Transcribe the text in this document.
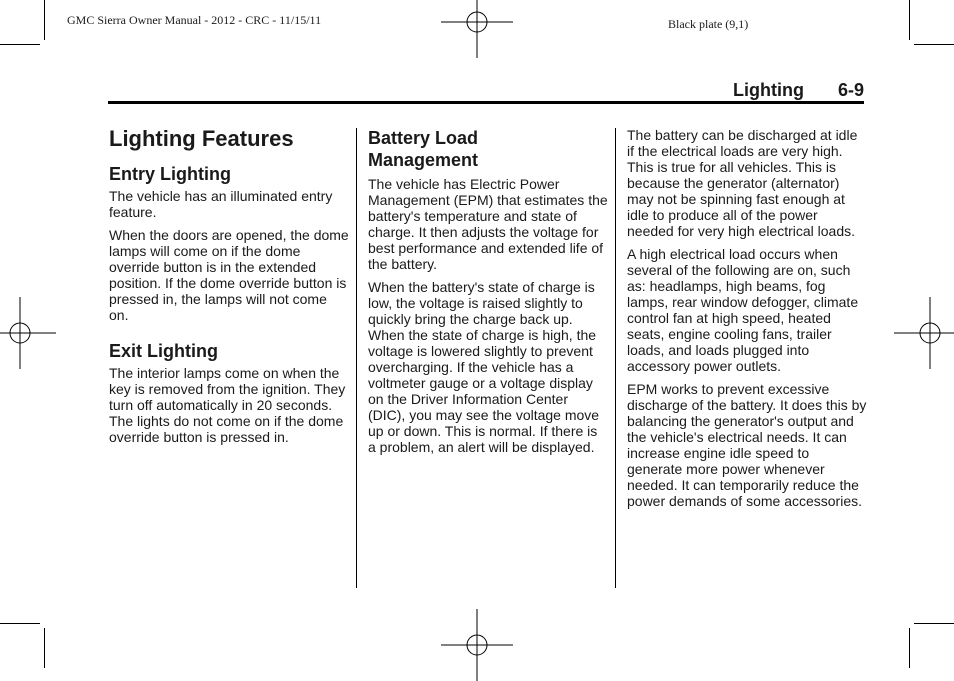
GMC Sierra Owner Manual - 2012 - CRC - 11/15/11	Black plate (9,1)
Lighting 6-9
Lighting Features
Entry Lighting

The vehicle has an illuminated entry feature.

When the doors are opened, the dome lamps will come on if the dome override button is in the extended position. If the dome override button is pressed in, the lamps will not come on.

Exit Lighting

The interior lamps come on when the key is removed from the ignition. They turn off automatically in 20 seconds. The lights do not come on if the dome override button is pressed in.

Battery Load
Management

The vehicle has Electric Power Management (EPM) that estimates the battery's temperature and state of charge. It then adjusts the voltage for best performance and extended life of the battery.

When the battery's state of charge is low, the voltage is raised slightly to quickly bring the charge back up. When the state of charge is high, the voltage is lowered slightly to prevent overcharging. If the vehicle has a voltmeter gauge or a voltage display on the Driver Information Center (DIC), you may see the voltage move up or down. This is normal. If there is a problem, an alert will be displayed.

The battery can be discharged at idle if the electrical loads are very high. This is true for all vehicles. This is because the generator (alternator) may not be spinning fast enough at idle to produce all of the power needed for very high electrical loads.

A high electrical load occurs when several of the following are on, such as: headlamps, high beams, fog lamps, rear window defogger, climate control fan at high speed, heated seats, engine cooling fans, trailer loads, and loads plugged into accessory power outlets.

EPM works to prevent excessive discharge of the battery. It does this by balancing the generator's output and the vehicle's electrical needs. It can increase engine idle speed to generate more power whenever needed. It can temporarily reduce the power demands of some accessories.
